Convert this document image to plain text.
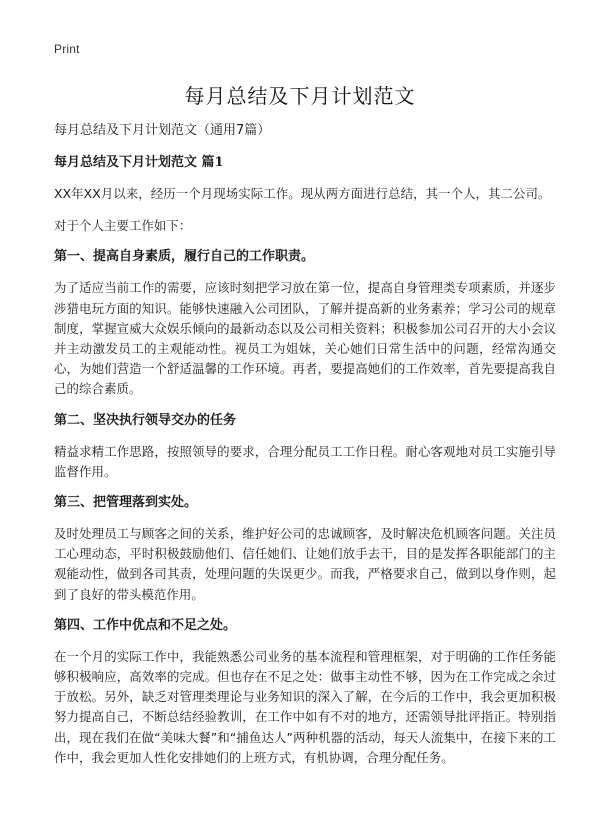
Print
每月总结及下月计划范文

每月总结及下月计划范文（通用7篇）

每月总结及下月计划范文 篇1

XX年XX月以来，经历一个月现场实际工作。现从两方面进行总结，其一个人，其二公司。

对于个人主要工作如下：

第一、提高自身素质，履行自己的工作职责。

为了适应当前工作的需要，应该时刻把学习放在第一位，提高自身管理类专项素质，并逐步涉猎电玩方面的知识。能够快速融入公司团队，了解并提高新的业务素养；学习公司的规章制度，掌握宣威大众娱乐倾向的最新动态以及公司相关资料；积极参加公司召开的大小会议并主动激发员工的主观能动性。视员工为姐妹，关心她们日常生活中的问题，经常沟通交心，为她们营造一个舒适温馨的工作环境。再者，要提高她们的工作效率，首先要提高我自己的综合素质。

第二、坚决执行领导交办的任务

精益求精工作思路，按照领导的要求，合理分配员工工作日程。耐心客观地对员工实施引导监督作用。

第三、把管理落到实处。

及时处理员工与顾客之间的关系，维护好公司的忠诚顾客，及时解决危机顾客问题。关注员工心理动态，平时积极鼓励他们、信任她们、让她们放手去干，目的是发挥各职能部门的主观能动性，做到各司其责，处理问题的失误更少。而我，严格要求自己，做到以身作则，起到了良好的带头模范作用。

第四、工作中优点和不足之处。

在一个月的实际工作中，我能熟悉公司业务的基本流程和管理框架，对于明确的工作任务能够积极响应，高效率的完成。但也存在不足之处：做事主动性不够，因为在工作完成之余过于放松。另外，缺乏对管理类理论与业务知识的深入了解，在今后的工作中，我会更加积极努力提高自己，不断总结经验教训，在工作中如有不对的地方，还需领导批评指正。特别指出，现在我们在做“美味大餐”和“捕鱼达人”两种机器的活动，每天人流集中，在接下来的工作中，我会更加人性化安排她们的上班方式，有机协调，合理分配任务。
